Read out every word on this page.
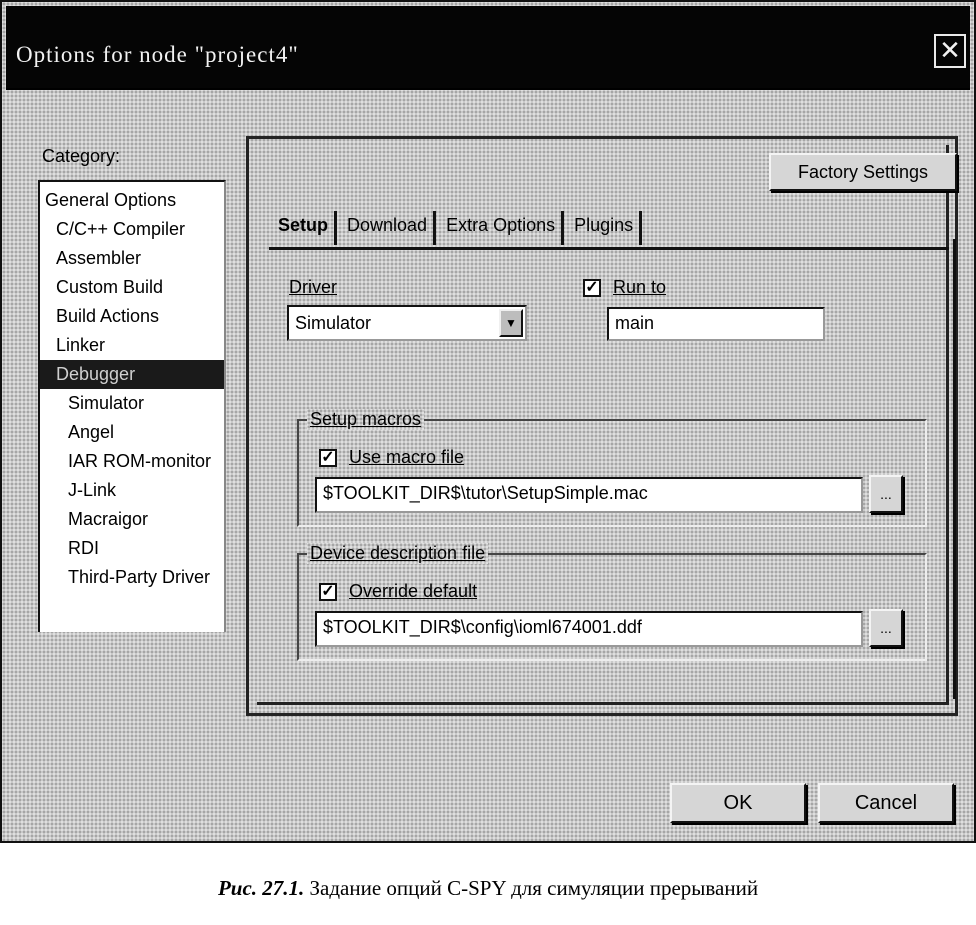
Options for node "project4"	✕
Category:
General Options
C/C++ Compiler
Assembler
Custom Build
Build Actions
Linker
Debugger
Simulator
Angel
IAR ROM-monitor
J-Link
Macraigor
RDI
Third-Party Driver
Factory Settings
Setup	Download	Extra Options	Plugins
Driver
Simulator	▼
✓ Run to
main
Setup macros
✓ Use macro file
$TOOLKIT_DIR$\tutor\SetupSimple.mac	...
Device description file
✓ Override default
$TOOLKIT_DIR$\config\ioml674001.ddf	...
OK	Cancel
Рис. 27.1. Задание опций C-SPY для симуляции прерываний
